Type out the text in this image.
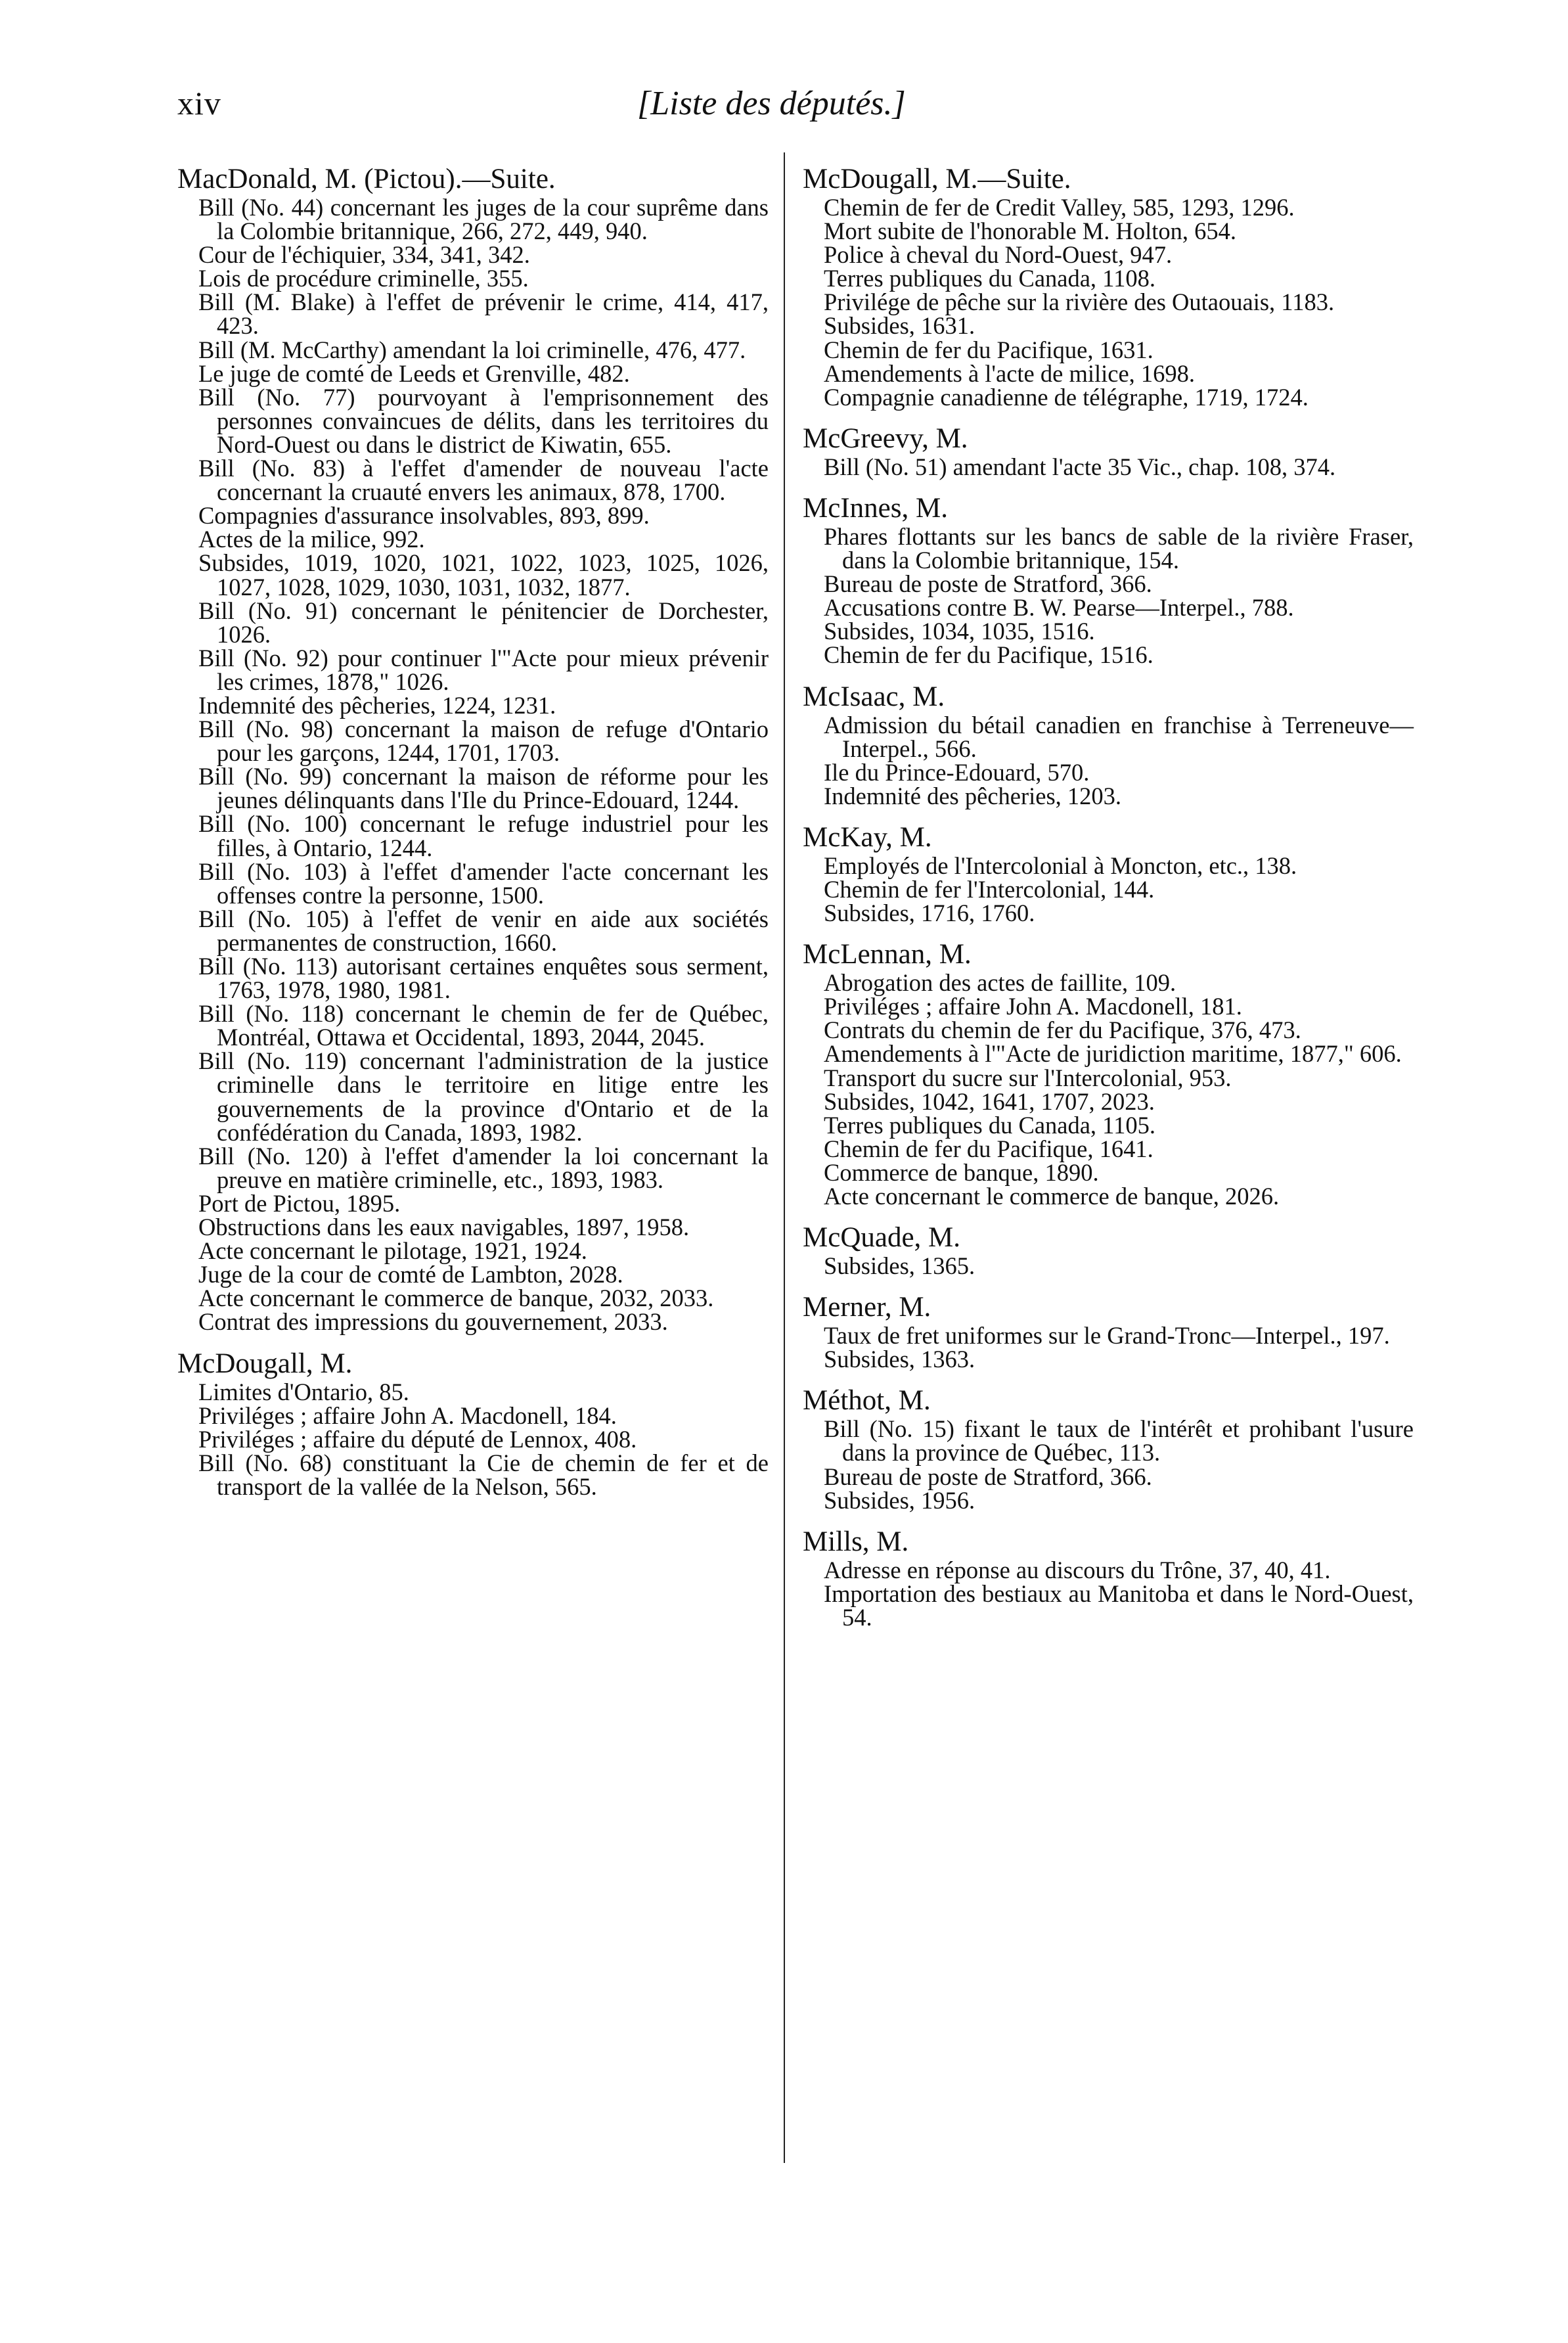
xiv	[Liste des députés.]
MacDonald, M. (Pictou).—Suite.

Bill (No. 44) concernant les juges de la cour suprême dans la Colombie britannique, 266, 272, 449, 940.

Cour de l'échiquier, 334, 341, 342.

Lois de procédure criminelle, 355.

Bill (M. Blake) à l'effet de prévenir le crime, 414, 417, 423.

Bill (M. McCarthy) amendant la loi criminelle, 476, 477.

Le juge de comté de Leeds et Grenville, 482.

Bill (No. 77) pourvoyant à l'emprisonnement des personnes convaincues de délits, dans les territoires du Nord-Ouest ou dans le district de Kiwatin, 655.

Bill (No. 83) à l'effet d'amender de nouveau l'acte concernant la cruauté envers les animaux, 878, 1700.

Compagnies d'assurance insolvables, 893, 899.

Actes de la milice, 992.

Subsides, 1019, 1020, 1021, 1022, 1023, 1025, 1026, 1027, 1028, 1029, 1030, 1031, 1032, 1877.

Bill (No. 91) concernant le pénitencier de Dorchester, 1026.

Bill (No. 92) pour continuer l'"Acte pour mieux prévenir les crimes, 1878," 1026.

Indemnité des pêcheries, 1224, 1231.

Bill (No. 98) concernant la maison de refuge d'Ontario pour les garçons, 1244, 1701, 1703.

Bill (No. 99) concernant la maison de réforme pour les jeunes délinquants dans l'Ile du Prince-Edouard, 1244.

Bill (No. 100) concernant le refuge industriel pour les filles, à Ontario, 1244.

Bill (No. 103) à l'effet d'amender l'acte concernant les offenses contre la personne, 1500.

Bill (No. 105) à l'effet de venir en aide aux sociétés permanentes de construction, 1660.

Bill (No. 113) autorisant certaines enquêtes sous serment, 1763, 1978, 1980, 1981.

Bill (No. 118) concernant le chemin de fer de Québec, Montréal, Ottawa et Occidental, 1893, 2044, 2045.

Bill (No. 119) concernant l'administration de la justice criminelle dans le territoire en litige entre les gouvernements de la province d'Ontario et de la confédération du Canada, 1893, 1982.

Bill (No. 120) à l'effet d'amender la loi concernant la preuve en matière criminelle, etc., 1893, 1983.

Port de Pictou, 1895.

Obstructions dans les eaux navigables, 1897, 1958.

Acte concernant le pilotage, 1921, 1924.

Juge de la cour de comté de Lambton, 2028.

Acte concernant le commerce de banque, 2032, 2033.

Contrat des impressions du gouvernement, 2033.

McDougall, M.

Limites d'Ontario, 85.

Priviléges ; affaire John A. Macdonell, 184.

Priviléges ; affaire du député de Lennox, 408.

Bill (No. 68) constituant la Cie de chemin de fer et de transport de la vallée de la Nelson, 565.

McDougall, M.—Suite.

Chemin de fer de Credit Valley, 585, 1293, 1296.

Mort subite de l'honorable M. Holton, 654.

Police à cheval du Nord-Ouest, 947.

Terres publiques du Canada, 1108.

Privilége de pêche sur la rivière des Outaouais, 1183.

Subsides, 1631.

Chemin de fer du Pacifique, 1631.

Amendements à l'acte de milice, 1698.

Compagnie canadienne de télégraphe, 1719, 1724.

McGreevy, M.

Bill (No. 51) amendant l'acte 35 Vic., chap. 108, 374.

McInnes, M.

Phares flottants sur les bancs de sable de la rivière Fraser, dans la Colombie britannique, 154.

Bureau de poste de Stratford, 366.

Accusations contre B. W. Pearse—Interpel., 788.

Subsides, 1034, 1035, 1516.

Chemin de fer du Pacifique, 1516.

McIsaac, M.

Admission du bétail canadien en franchise à Terreneuve—Interpel., 566.

Ile du Prince-Edouard, 570.

Indemnité des pêcheries, 1203.

McKay, M.

Employés de l'Intercolonial à Moncton, etc., 138.

Chemin de fer l'Intercolonial, 144.

Subsides, 1716, 1760.

McLennan, M.

Abrogation des actes de faillite, 109.

Priviléges ; affaire John A. Macdonell, 181.

Contrats du chemin de fer du Pacifique, 376, 473.

Amendements à l'"Acte de juridiction maritime, 1877," 606.

Transport du sucre sur l'Intercolonial, 953.

Subsides, 1042, 1641, 1707, 2023.

Terres publiques du Canada, 1105.

Chemin de fer du Pacifique, 1641.

Commerce de banque, 1890.

Acte concernant le commerce de banque, 2026.

McQuade, M.

Subsides, 1365.

Merner, M.

Taux de fret uniformes sur le Grand-Tronc—Interpel., 197.

Subsides, 1363.

Méthot, M.

Bill (No. 15) fixant le taux de l'intérêt et prohibant l'usure dans la province de Québec, 113.

Bureau de poste de Stratford, 366.

Subsides, 1956.

Mills, M.

Adresse en réponse au discours du Trône, 37, 40, 41.

Importation des bestiaux au Manitoba et dans le Nord-Ouest, 54.
